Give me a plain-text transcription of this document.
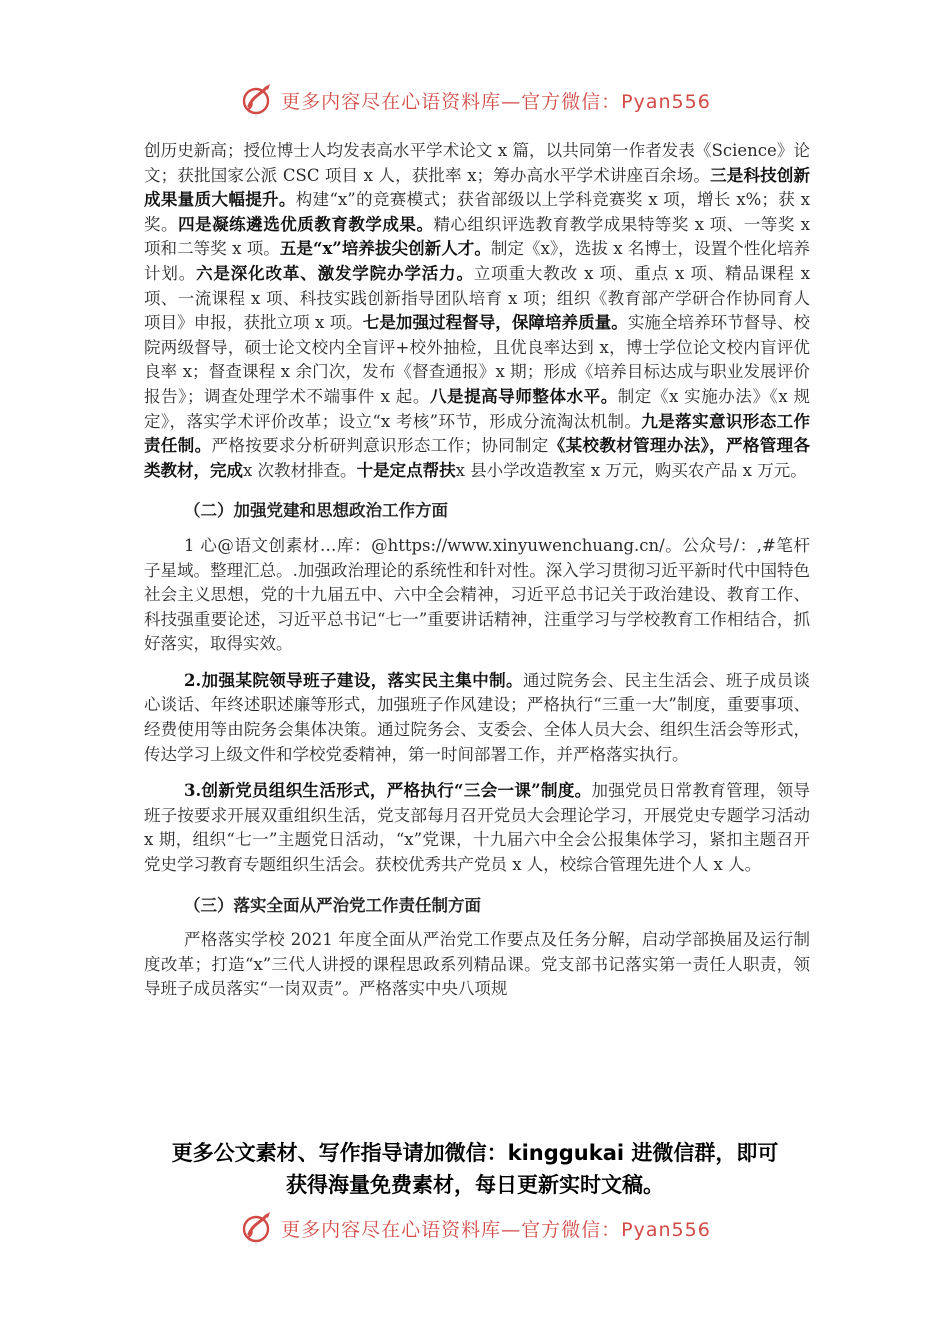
更多内容尽在心语资料库—官方微信：Pyan556

创历史新高；授位博士人均发表高水平学术论文 x 篇，以共同第一作者发表《Science》论文；获批国家公派 CSC 项目 x 人，获批率 x；筹办高水平学术讲座百余场。三是科技创新成果量质大幅提升。构建“x”的竞赛模式；获省部级以上学科竞赛奖 x 项，增长 x%；获 x 奖。四是凝练遴选优质教育教学成果。精心组织评选教育教学成果特等奖 x 项、一等奖 x 项和二等奖 x 项。五是“x”培养拔尖创新人才。制定《x》，选拔 x 名博士，设置个性化培养计划。六是深化改革、激发学院办学活力。立项重大教改 x 项、重点 x 项、精品课程 x 项、一流课程 x 项、科技实践创新指导团队培育 x 项；组织《教育部产学研合作协同育人项目》申报，获批立项 x 项。七是加强过程督导，保障培养质量。实施全培养环节督导、校院两级督导，硕士论文校内全盲评+校外抽检，且优良率达到 x，博士学位论文校内盲评优良率 x；督查课程 x 余门次，发布《督查通报》x 期；形成《培养目标达成与职业发展评价报告》；调查处理学术不端事件 x 起。八是提高导师整体水平。制定《x 实施办法》《x 规定》，落实学术评价改革；设立“x 考核”环节，形成分流淘汰机制。九是落实意识形态工作责任制。严格按要求分析研判意识形态工作；协同制定《某校教材管理办法》，严格管理各类教材，完成x 次教材排查。十是定点帮扶x 县小学改造教室 x 万元，购买农产品 x 万元。

（二）加强党建和思想政治工作方面

1 心@语文创素材…库：@https://www.xinyuwenchuang.cn/。公众号/：,#笔杆子星域。整理汇总。.加强政治理论的系统性和针对性。深入学习贯彻习近平新时代中国特色社会主义思想，党的十九届五中、六中全会精神，习近平总书记关于政治建设、教育工作、科技强重要论述，习近平总书记“七一”重要讲话精神，注重学习与学校教育工作相结合，抓好落实，取得实效。

2.加强某院领导班子建设，落实民主集中制。通过院务会、民主生活会、班子成员谈心谈话、年终述职述廉等形式，加强班子作风建设；严格执行“三重一大”制度，重要事项、经费使用等由院务会集体决策。通过院务会、支委会、全体人员大会、组织生活会等形式，传达学习上级文件和学校党委精神，第一时间部署工作，并严格落实执行。

3.创新党员组织生活形式，严格执行“三会一课”制度。加强党员日常教育管理，领导班子按要求开展双重组织生活，党支部每月召开党员大会理论学习，开展党史专题学习活动 x 期，组织“七一”主题党日活动，“x”党课，十九届六中全会公报集体学习，紧扣主题召开党史学习教育专题组织生活会。获校优秀共产党员 x 人，校综合管理先进个人 x 人。

（三）落实全面从严治党工作责任制方面

严格落实学校 2021 年度全面从严治党工作要点及任务分解，启动学部换届及运行制度改革；打造“x”三代人讲授的课程思政系列精品课。党支部书记落实第一责任人职责，领导班子成员落实“一岗双责”。严格落实中央八项规

更多公文素材、写作指导请加微信：kinggukai 进微信群，即可
获得海量免费素材，每日更新实时文稿。
更多内容尽在心语资料库—官方微信：Pyan556
